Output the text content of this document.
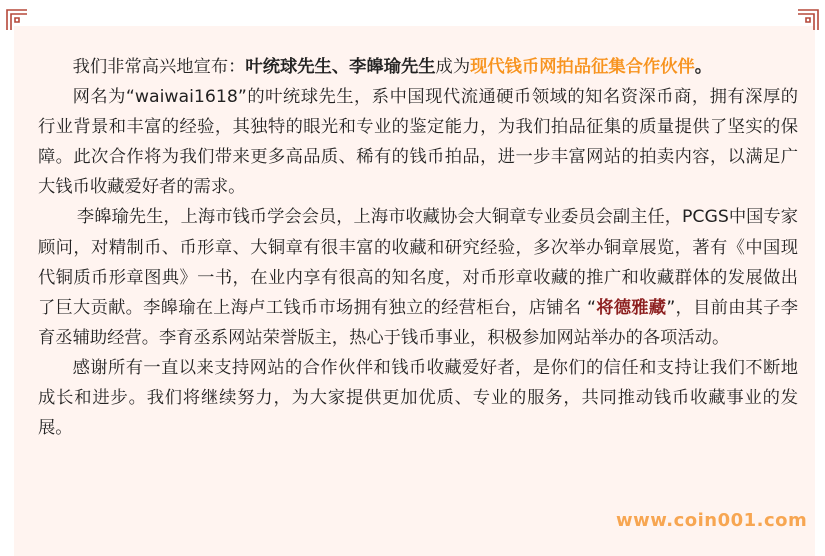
我们非常高兴地宣布：叶统球先生、李皞瑜先生成为现代钱币网拍品征集合作伙伴。

网名为“waiwai1618”的叶统球先生，系中国现代流通硬币领域的知名资深币商，拥有深厚的行业背景和丰富的经验，其独特的眼光和专业的鉴定能力，为我们拍品征集的质量提供了坚实的保障。此次合作将为我们带来更多高品质、稀有的钱币拍品，进一步丰富网站的拍卖内容，以满足广大钱币收藏爱好者的需求。

李皞瑜先生，上海市钱币学会会员，上海市收藏协会大铜章专业委员会副主任，PCGS中国专家顾问，对精制币、币形章、大铜章有很丰富的收藏和研究经验，多次举办铜章展览，著有《中国现代铜质币形章图典》一书，在业内享有很高的知名度，对币形章收藏的推广和收藏群体的发展做出了巨大贡献。李皞瑜在上海卢工钱币市场拥有独立的经营柜台，店铺名 “将德雅藏”，目前由其子李育丞辅助经营。李育丞系网站荣誉版主，热心于钱币事业，积极参加网站举办的各项活动。

感谢所有一直以来支持网站的合作伙伴和钱币收藏爱好者，是你们的信任和支持让我们不断地成长和进步。我们将继续努力，为大家提供更加优质、专业的服务，共同推动钱币收藏事业的发展。

www.coin001.com
